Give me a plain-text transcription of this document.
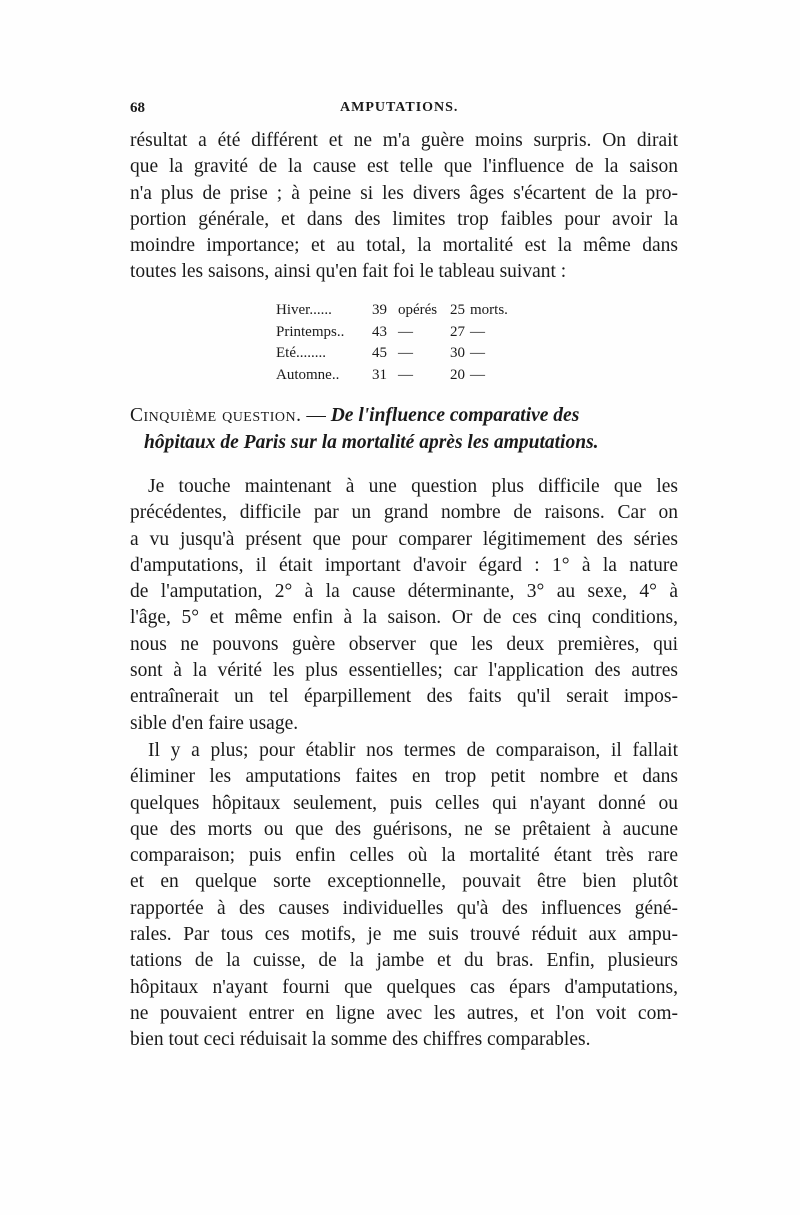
68	AMPUTATIONS.
résultat a été différent et ne m'a guère moins surpris. On dirait
que la gravité de la cause est telle que l'influence de la saison
n'a plus de prise ; à peine si les divers âges s'écartent de la pro-
portion générale, et dans des limites trop faibles pour avoir la
moindre importance; et au total, la mortalité est la même dans
toutes les saisons, ainsi qu'en fait foi le tableau suivant :
Hiver......	39 opérés 25 morts.
Printemps..	43 — 27 —
Eté........	45 — 30 —
Automne..	31 — 20 —
Cinquième question. — De l'influence comparative des
hôpitaux de Paris sur la mortalité après les amputations.
Je touche maintenant à une question plus difficile que les
précédentes, difficile par un grand nombre de raisons. Car on
a vu jusqu'à présent que pour comparer légitimement des séries
d'amputations, il était important d'avoir égard : 1° à la nature
de l'amputation, 2° à la cause déterminante, 3° au sexe, 4° à
l'âge, 5° et même enfin à la saison. Or de ces cinq conditions,
nous ne pouvons guère observer que les deux premières, qui
sont à la vérité les plus essentielles; car l'application des autres
entraînerait un tel éparpillement des faits qu'il serait impos-
sible d'en faire usage.
Il y a plus; pour établir nos termes de comparaison, il fallait
éliminer les amputations faites en trop petit nombre et dans
quelques hôpitaux seulement, puis celles qui n'ayant donné ou
que des morts ou que des guérisons, ne se prêtaient à aucune
comparaison; puis enfin celles où la mortalité étant très rare
et en quelque sorte exceptionnelle, pouvait être bien plutôt
rapportée à des causes individuelles qu'à des influences géné-
rales. Par tous ces motifs, je me suis trouvé réduit aux ampu-
tations de la cuisse, de la jambe et du bras. Enfin, plusieurs
hôpitaux n'ayant fourni que quelques cas épars d'amputations,
ne pouvaient entrer en ligne avec les autres, et l'on voit com-
bien tout ceci réduisait la somme des chiffres comparables.
